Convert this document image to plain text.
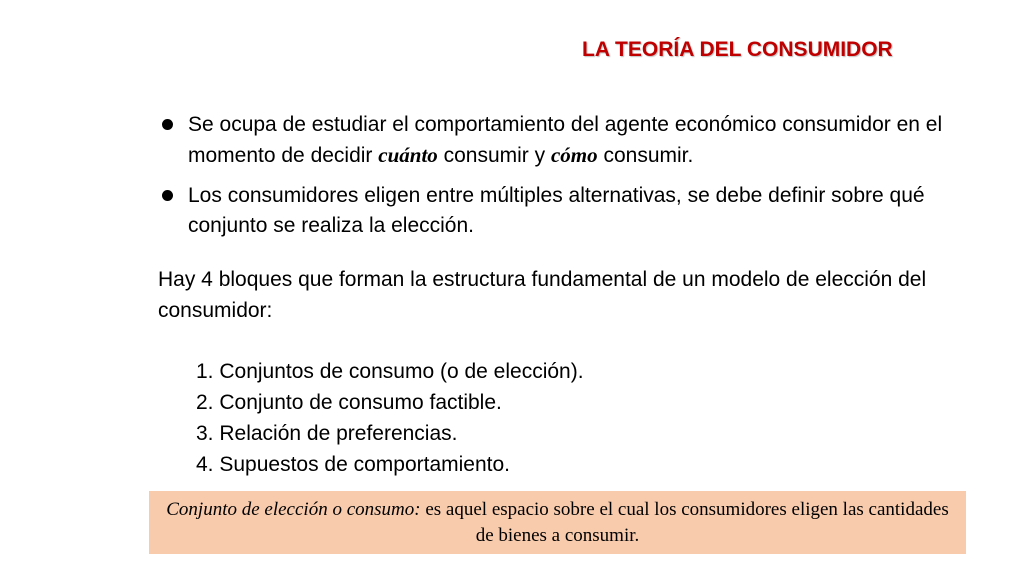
LA TEORÍA DEL CONSUMIDOR
Se ocupa de estudiar el comportamiento del agente económico consumidor en el momento de decidir cuánto consumir y cómo consumir.
Los consumidores eligen entre múltiples alternativas, se debe definir sobre qué conjunto se realiza la elección.

Hay 4 bloques que forman la estructura fundamental de un modelo de elección del consumidor:

1. Conjuntos de consumo (o de elección).
2. Conjunto de consumo factible.
3. Relación de preferencias.
4. Supuestos de comportamiento.
Conjunto de elección o consumo: es aquel espacio sobre el cual los consumidores eligen las cantidades de bienes a consumir.
